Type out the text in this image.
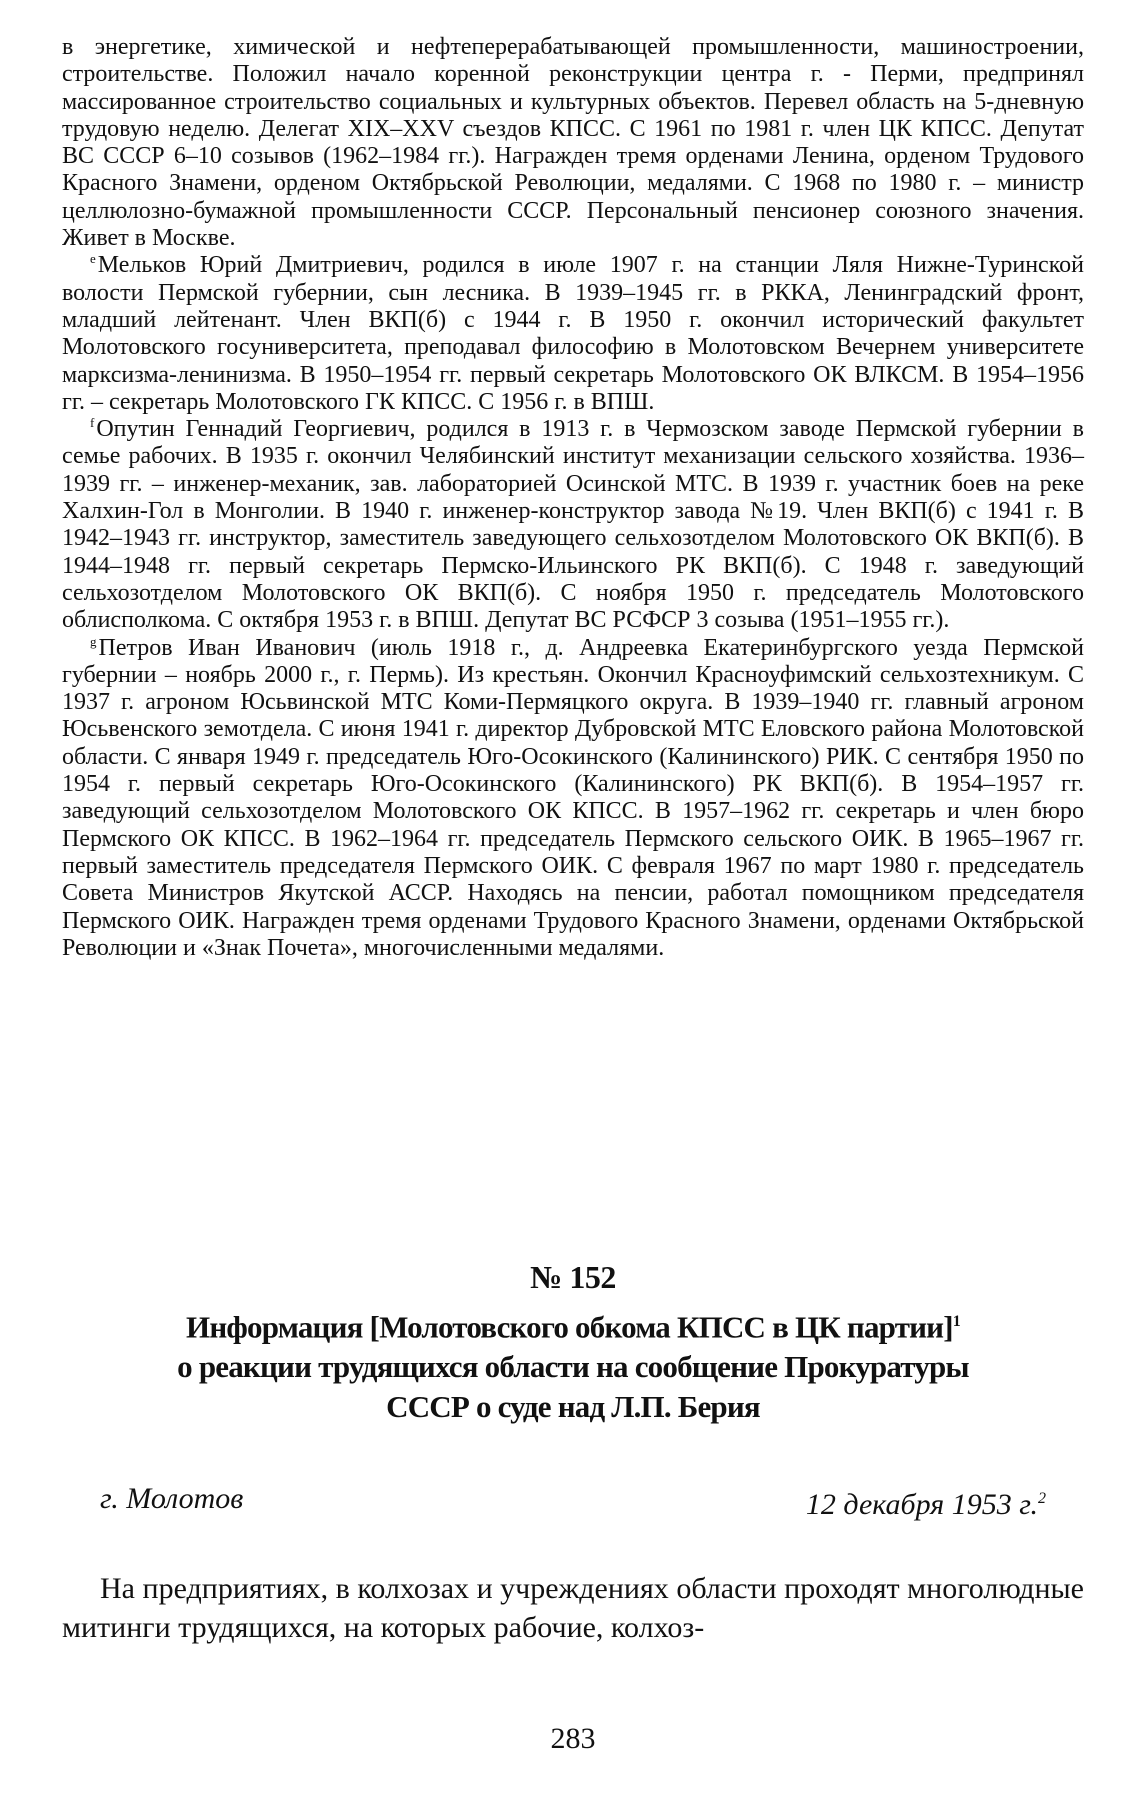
в энергетике, химической и нефтеперерабатывающей промышленности, машиностроении, строительстве. Положил начало коренной реконструкции центра г. - Перми, предпринял массированное строительство социальных и культурных объектов. Перевел область на 5-дневную трудовую неделю. Делегат XIX–XXV съездов КПСС. С 1961 по 1981 г. член ЦК КПСС. Депутат ВС СССР 6–10 созывов (1962–1984 гг.). Награжден тремя орденами Ленина, орденом Трудового Красного Знамени, орденом Октябрьской Революции, медалями. С 1968 по 1980 г. – министр целлюлозно-бумажной промышленности СССР. Персональный пенсионер союзного значения. Живет в Москве.

$^e$Мельков Юрий Дмитриевич, родился в июле 1907 г. на станции Ляля Нижне-Туринской волости Пермской губернии, сын лесника. В 1939–1945 гг. в РККА, Ленинградский фронт, младший лейтенант. Член ВКП(б) с 1944 г. В 1950 г. окончил исторический факультет Молотовского госуниверситета, преподавал философию в Молотовском Вечернем университете марксизма-ленинизма. В 1950–1954 гг. первый секретарь Молотовского ОК ВЛКСМ. В 1954–1956 гг. – секретарь Молотовского ГК КПСС. С 1956 г. в ВПШ.

$^f$Опутин Геннадий Георгиевич, родился в 1913 г. в Чермозском заводе Пермской губернии в семье рабочих. В 1935 г. окончил Челябинский институт механизации сельского хозяйства. 1936–1939 гг. – инженер-механик, зав. лабораторией Осинской МТС. В 1939 г. участник боев на реке Халхин-Гол в Монголии. В 1940 г. инженер-конструктор завода №19. Член ВКП(б) с 1941 г. В 1942–1943 гг. инструктор, заместитель заведующего сельхозотделом Молотовского ОК ВКП(б). В 1944–1948 гг. первый секретарь Пермско-Ильинского РК ВКП(б). С 1948 г. заведующий сельхозотделом Молотовского ОК ВКП(б). С ноября 1950 г. председатель Молотовского облисполкома. С октября 1953 г. в ВПШ. Депутат ВС РСФСР 3 созыва (1951–1955 гг.).

$^g$Петров Иван Иванович (июль 1918 г., д. Андреевка Екатеринбургского уезда Пермской губернии – ноябрь 2000 г., г. Пермь). Из крестьян. Окончил Красноуфимский сельхозтехникум. С 1937 г. агроном Юсьвинской МТС Коми-Пермяцкого округа. В 1939–1940 гг. главный агроном Юсьвенского земотдела. С июня 1941 г. директор Дубровской МТС Еловского района Молотовской области. С января 1949 г. председатель Юго-Осокинского (Калининского) РИК. С сентября 1950 по 1954 г. первый секретарь Юго-Осокинского (Калининского) РК ВКП(б). В 1954–1957 гг. заведующий сельхозотделом Молотовского ОК КПСС. В 1957–1962 гг. секретарь и член бюро Пермского ОК КПСС. В 1962–1964 гг. председатель Пермского сельского ОИК. В 1965–1967 гг. первый заместитель председателя Пермского ОИК. С февраля 1967 по март 1980 г. председатель Совета Министров Якутской АССР. Находясь на пенсии, работал помощником председателя Пермского ОИК. Награжден тремя орденами Трудового Красного Знамени, орденами Октябрьской Революции и «Знак Почета», многочисленными медалями.

№ 152

Информация [Молотовского обкома КПСС в ЦК партии]$^1$
о реакции трудящихся области на сообщение Прокуратуры
СССР о суде над Л.П. Берия

г. Молотов	12 декабря 1953 г.$^2$

На предприятиях, в колхозах и учреждениях области проходят многолюдные митинги трудящихся, на которых рабочие, колхоз-

283
